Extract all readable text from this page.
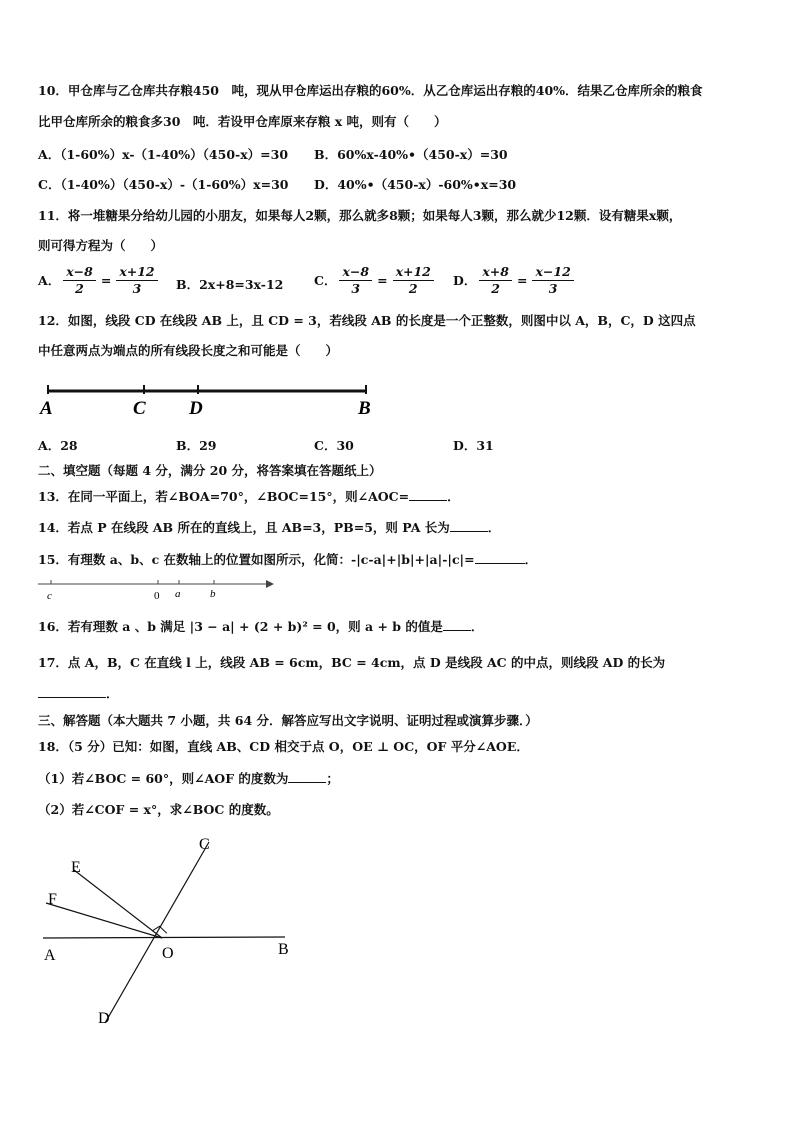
10．甲仓库与乙仓库共存粮450　吨，现从甲仓库运出存粮的60%．从乙仓库运出存粮的40%．结果乙仓库所余的粮食
比甲仓库所余的粮食多30　吨．若设甲仓库原来存粮 x 吨，则有（　　）
A．（1-60%）x-（1-40%）（450-x）=30 B．60%x-40%•（450-x）=30
C．（1-40%）（450-x）-（1-60%）x=30 D．40%•（450-x）-60%•x=30
11．将一堆糖果分给幼儿园的小朋友，如果每人2颗，那么就多8颗；如果每人3颗，那么就少12颗．设有糖果x颗，
则可得方程为（　　）
A． $\frac{x-8}{2} = \frac{x+12}{3}$ B．2x+8=3x-12 C． $\frac{x-8}{3} = \frac{x+12}{2}$ D． $\frac{x+8}{2} = \frac{x-12}{3}$
12．如图，线段 CD 在线段 AB 上，且 CD = 3，若线段 AB 的长度是一个正整数，则图中以 A，B，C，D 这四点
中任意两点为端点的所有线段长度之和可能是（　　）
A	C D	B
A．28	B．29	C．30	D．31
二、填空题（每题 4 分，满分 20 分，将答案填在答题纸上）
13．在同一平面上，若∠BOA=70°，∠BOC=15°，则∠AOC=	．
14．若点 P 在线段 AB 所在的直线上，且 AB=3，PB=5，则 PA 长为	．
15．有理数 a、b、c 在数轴上的位置如图所示，化简：-|c-a|+|b|+|a|-|c|=	．
c	0 a	b
16．若有理数 a 、b 满足 |3 − a| + (2 + b)² = 0，则 a + b 的值是 ．
17．点 A，B，C 在直线 l 上，线段 AB = 6cm，BC = 4cm，点 D 是线段 AC 的中点，则线段 AD 的长为
．
三、解答题（本大题共 7 小题，共 64 分．解答应写出文字说明、证明过程或演算步骤．）
18．（5 分）已知：如图，直线 AB、CD 相交于点 O，OE ⊥ OC，OF 平分∠AOE．
（1）若∠BOC = 60°，则∠AOF 的度数为	；
（2）若∠COF = x°，求∠BOC 的度数。
C
E
F
A	O	B
D
